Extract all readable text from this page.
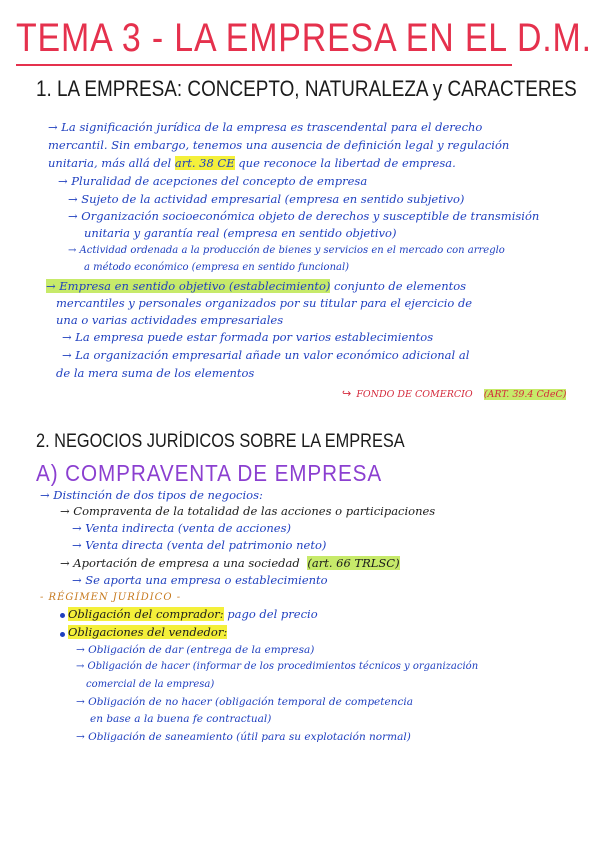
TEMA 3 - LA EMPRESA EN EL D.M.
1. LA EMPRESA: CONCEPTO, NATURALEZA y CARACTERES
→ La significación jurídica de la empresa es trascendental para el derecho
mercantil. Sin embargo, tenemos una ausencia de definición legal y regulación
unitaria, más allá del art. 38 CE que reconoce la libertad de empresa.
→ Pluralidad de acepciones del concepto de empresa
→ Sujeto de la actividad empresarial (empresa en sentido subjetivo)
→ Organización socioeconómica objeto de derechos y susceptible de transmisión
unitaria y garantía real (empresa en sentido objetivo)
→ Actividad ordenada a la producción de bienes y servicios en el mercado con arreglo
a método económico (empresa en sentido funcional)
→ Empresa en sentido objetivo (establecimiento) conjunto de elementos
mercantiles y personales organizados por su titular para el ejercicio de
una o varias actividades empresariales
→ La empresa puede estar formada por varios establecimientos
→ La organización empresarial añade un valor económico adicional al
de la mera suma de los elementos
↪ FONDO DE COMERCIO (ART. 39.4 CdeC)
2. NEGOCIOS JURÍDICOS SOBRE LA EMPRESA
A) COMPRAVENTA DE EMPRESA
→ Distinción de dos tipos de negocios:
→ Compraventa de la totalidad de las acciones o participaciones
→ Venta indirecta (venta de acciones)
→ Venta directa (venta del patrimonio neto)
→ Aportación de empresa a una sociedad (art. 66 TRLSC)
→ Se aporta una empresa o establecimiento
- RÉGIMEN JURÍDICO -
Obligación del comprador: pago del precio
Obligaciones del vendedor:
→ Obligación de dar (entrega de la empresa)
→ Obligación de hacer (informar de los procedimientos técnicos y organización
comercial de la empresa)
→ Obligación de no hacer (obligación temporal de competencia
en base a la buena fe contractual)
→ Obligación de saneamiento (útil para su explotación normal)
